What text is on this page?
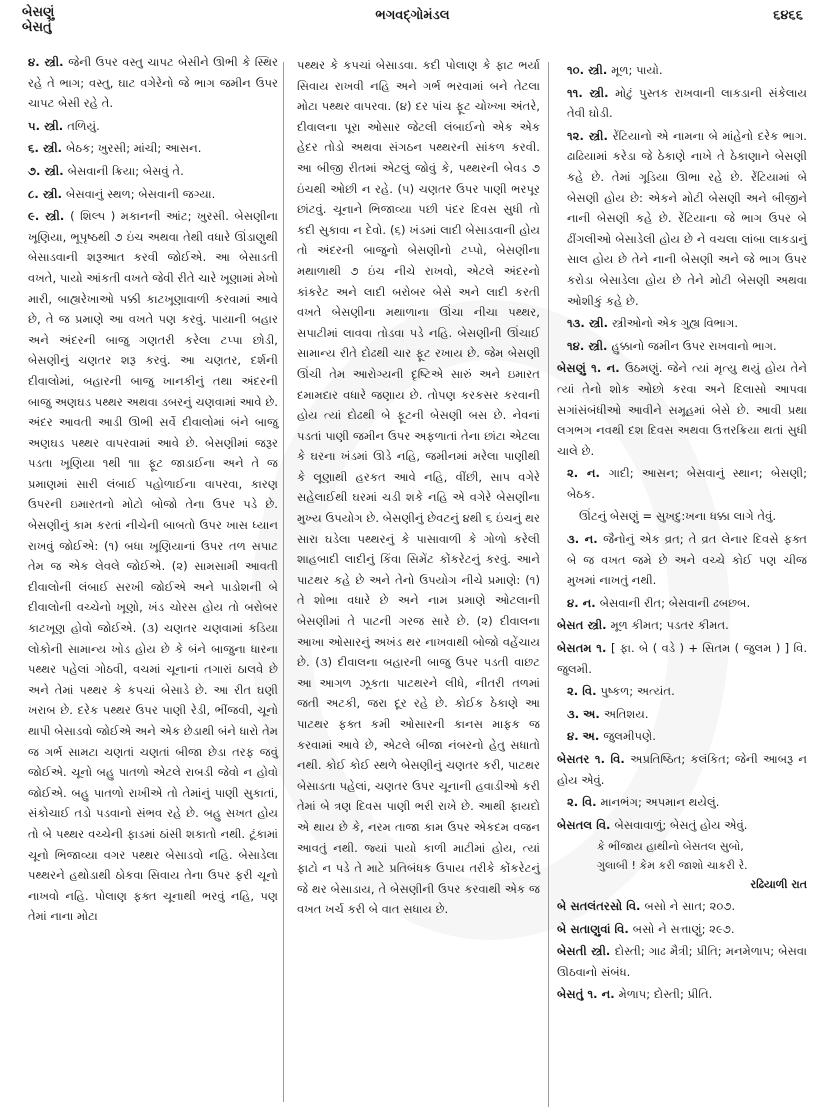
બેસણું
બેસતું
ભગવદ્ગોમંડલ	૬૪૬૬
૪. સ્ત્રી. જેની ઉપર વસ્તુ ચાપટ બેસીને ઊભી કે સ્થિર રહે તે ભાગ; વસ્તુ, ઘાટ વગેરેનો જે ભાગ જમીન ઉપર ચાપટ બેસી રહે તે.
૫. સ્ત્રી. તળિયું.
૬. સ્ત્રી. બેઠક; ખુરસી; માંચી; આસન.
૭. સ્ત્રી. બેસવાની ક્રિયા; બેસવું તે.
૮. સ્ત્રી. બેસવાનું સ્થળ; બેસવાની જગ્યા.
૯. સ્ત્રી. ( શિલ્પ ) મકાનની આંટ; ખુરસી. બેસણીના ખૂણિયા, ભૂપૃષ્ઠથી ૭ ઇંચ અથવા તેથી વધારે ઊંડાણુથી બેસાડવાની શરૂઆત કરવી જોઈએ. આ બેસાડતી વખતે, પાયો આંકતી વખતે જેવી રીતે ચારે ખૂણામાં મેખો મારી, બાહ્યરેખાઓ પક્કી કાટખૂણાવાળી કરવામાં આવે છે, તે જ પ્રમાણે આ વખતે પણ કરવું. પાયાની બહાર અને અંદરની બાજુ ગણતરી કરેલા ટપ્પા છોડી, બેસણીનું ચણતર શરૂ કરવું. આ ચણતર, દર્શની દીવાલોમાં, બહારની બાજુ ખાનકીનું તથા અંદરની બાજુ અણઘડ પથ્થર અથવા ડબરનું ચણવામાં આવે છે. અંદર આવતી આડી ઊભી સર્વે દીવાલોમાં બંને બાજુ અણઘડ પથ્થર વાપરવામાં આવે છે. બેસણીમાં જરૂર પડતા ખૂણિયા ૧થી ૧।। ફૂટ જાડાઈના અને તે જ પ્રમાણમાં સારી લંબાઈ પહોળાઈના વાપરવા, કારણ ઉપરની ઇમારતનો મોટો બોજો તેના ઉપર પડે છે. બેસણીનું કામ કરતાં નીચેની બાબતો ઉપર ખાસ ધ્યાન રાખવું જોઈએ: (૧) બધા ખૂણિયાનાં ઉપર તળ સપાટ તેમ જ એક લેવલે જોઈએ. (૨) સામસામી આવતી દીવાલોની લંબાઈ સરખી જોઈએ અને પાડોશની બે દીવાલોની વચ્ચેનો ખૂણો, ખંડ ચોરસ હોય તો બરોબર કાટખૂણ હોવો જોઈએ. (૩) ચણતર ચણવામાં કડિયા લોકોની સામાન્ય ખોડ હોય છે કે બંને બાજુના ધારના પથ્થર પહેલાં ગોઠવી, વચમાં ચૂનાનાં તગારાં ઠાલવે છે અને તેમાં પથ્થર કે કપચાં બેસાડે છે. આ રીત ઘણી ખરાબ છે. દરેક પથ્થર ઉપર પાણી રેડી, ભીંજવી, ચૂનો થાપી બેસાડવો જોઈએ અને એક છેડાથી બંને ધારો તેમ જ ગર્ભ સામટા ચણતાં ચણતાં બીજા છેડા તરફ જવું જોઈએ. ચૂનો બહુ પાતળો એટલે રાબડી જેવો ન હોવો જોઈએ. બહુ પાતળો રાખીએ તો તેમાંનું પાણી સુકાતાં, સંકોચાઈ તડો પડવાનો સંભવ રહે છે. બહુ સખત હોય તો બે પથ્થર વચ્ચેની ફાડમાં ઠાંસી શકાતો નથી. ટૂંકામાં ચૂનો ભિજાવ્યા વગર પથ્થર બેસાડવો નહિ. બેસાડેલા પથ્થરને હથોડાથી ઠોકવા સિવાય તેના ઉપર ફરી ચૂનો નાખવો નહિ. પોલાણ ફક્ત ચૂનાથી ભરવું નહિ, પણ તેમાં નાના મોટા
પથ્થર કે કપચાં બેસાડવા. કદી પોલાણ કે ફાટ ભર્યા સિવાય રાખવી નહિ અને ગર્ભ ભરવામાં બને તેટલા મોટા પથ્થર વાપરવા. (૪) દર પાંચ ફૂટ ચોખ્ખા અંતરે, દીવાલના પૂરા ઓસાર જેટલી લંબાઈનો એક એક હેદર તોડો અથવા સંગઠન પથ્થરની સાંકળ કરવી. આ બીજી રીતમાં એટલું જોવું કે, પથ્થરની બેવડ ૭ ઇંચથી ઓછી ન રહે. (૫) ચણતર ઉપર પાણી ભરપૂર છાંટવું. ચૂનાને ભિજાવ્યા પછી પંદર દિવસ સુધી તો કદી સુકાવા ન દેવો. (૬) ખંડમાં લાદી બેસાડવાની હોય તો અંદરની બાજુનો બેસણીનો ટપ્પો, બેસણીના મથાળાથી ૭ ઇંચ નીચે રાખવો, એટલે અંદરનો કાંકરેટ અને લાદી બરોબર બેસે અને લાદી કરતી વખતે બેસણીના મથાળાના ઊંચા નીચા પથ્થર, સપાટીમાં લાવવા તોડવા પડે નહિ. બેસણીની ઊંચાઈ સામાન્ય રીતે દોઢથી ચાર ફૂટ રખાય છે. જેમ બેસણી ઊંચી તેમ આરોગ્યની દૃષ્ટિએ સારું અને ઇમારત દમામદાર વધારે જણાય છે. તોપણ કરકસર કરવાની હોય ત્યાં દોઢથી બે ફૂટની બેસણી બસ છે. નેવનાં પડતાં પાણી જમીન ઉપર અફળાતાં તેના છાંટા એટલા કે ઘરના ખંડમાં ઊડે નહિ, જમીનમાં મરેલા પાણીથી કે લૂણાથી હરકત આવે નહિ, વીંછી, સાપ વગેરે સહેલાઈથી ઘરમાં ચડી શકે નહિ એ વગેરે બેસણીના મુખ્ય ઉપયોગ છે. બેસણીનું છેવટનું ૪થી ૬ ઇંચનું થર સારા ઘડેલા પથ્થરનું કે પાસાવાળી કે ગોળો કરેલી શાહબાદી લાદીનું કિંવા સિમેંટ કોંકરેટનું કરવું. આને પાટથર કહે છે અને તેનો ઉપયોગ નીચે પ્રમાણે: (૧) તે શોભા વધારે છે અને નામ પ્રમાણે ઓટલાની બેસણીમાં તે પાટની ગરજ સારે છે. (૨) દીવાલના આખા ઓસારનું અખંડ થર નાખવાથી બોજો વહેંચાય છે. (૩) દીવાલના બહારની બાજુ ઉપર પડતી વાછટ આ આગળ ઝૂકતા પાટથરને લીધે, નીતરી તળમાં જતી અટકી, જરા દૂર રહે છે. કોઈક ઠેકાણે આ પાટથર ફક્ત કમી ઓસારની કાનસ માફક જ કરવામાં આવે છે, એટલે બીજા નંબરનો હેતુ સધાતો નથી. કોઈ કોઈ સ્થળે બેસણીનું ચણતર કરી, પાટથર બેસાડતા પહેલાં, ચણતર ઉપર ચૂનાની હવાડીઓ કરી તેમાં બે ત્રણ દિવસ પાણી ભરી રાખે છે. આથી ફાયદો એ થાય છે કે, નરમ તાજા કામ ઉપર એકદમ વજન આવતું નથી. જ્યાં પાયો કાળી માટીમાં હોય, ત્યાં ફાટો ન પડે તે માટે પ્રતિબંધક ઉપાય તરીકે કોંકરેટનું જે થર બેસાડાય, તે બેસણીની ઉપર કરવાથી એક જ વખત ખર્ચ કરી બે વાત સધાય છે.
૧૦. સ્ત્રી. મૂળ; પાયો.
૧૧. સ્ત્રી. મોટું પુસ્તક રાખવાની લાકડાની સંકેલાય તેવી ઘોડી.
૧૨. સ્ત્રી. રેંટિયાનો એ નામના બે માંહેનો દરેક ભાગ. ઢાઢિયામાં કરેડા જે ઠેકાણે નાખે તે ઠેકાણાને બેસણી કહે છે. તેમાં ગૂડિયા ઊભા રહે છે. રેંટિયામાં બે બેસણી હોય છે: એકને મોટી બેસણી અને બીજીને નાની બેસણી કહે છે. રેંટિયાના જે ભાગ ઉપર બે ઢીંગલીઓ બેસાડેલી હોય છે ને વચલા લાંબા લાકડાનું સાલ હોય છે તેને નાની બેસણી અને જે ભાગ ઉપર કરોડા બેસાડેલા હોય છે તેને મોટી બેસણી અથવા ઓશીકું કહે છે.
૧૩. સ્ત્રી. સ્ત્રીઓનો એક ગુહ્ય વિભાગ.
૧૪. સ્ત્રી. હુક્કાનો જમીન ઉપર રાખવાનો ભાગ.
બેસણું ૧. ન. ઉઠમણું. જેને ત્યાં મૃત્યુ થયું હોય તેને ત્યાં તેનો શોક ઓછો કરવા અને દિલાસો આપવા સગાંસંબંધીઓ આવીને સમૂહમાં બેસે છે. આવી પ્રથા લગભગ નવથી દશ દિવસ અથવા ઉત્તરક્રિયા થતાં સુધી ચાલે છે.
૨. ન. ગાદી; આસન; બેસવાનું સ્થાન; બેસણી; બેઠક.
ઊંટનું બેસણું = સુખદુ:ખના ધક્કા લાગે તેવું.
૩. ન. જૈનોનું એક વ્રત; તે વ્રત લેનાર દિવસે ફક્ત બે જ વખત જમે છે અને વચ્ચે કોઈ પણ ચીજ મુખમાં નાખતું નથી.
૪. ન. બેસવાની રીત; બેસવાની ઢબછબ.
બેસત સ્ત્રી. મૂળ કીમત; પડતર કીમત.
બેસતમ ૧. [ ફા. બે ( વડે ) + સિતમ ( જુલમ ) ] વિ. જુલમી.
૨. વિ. પુષ્કળ; અત્યંત.
૩. અ. અતિશય.
૪. અ. જુલમીપણે.
બેસતર ૧. વિ. અપ્રતિષ્ઠિત; કલંકિત; જેની આબરૂ ન હોય એવું.
૨. વિ. માનભંગ; અપમાન થયેલું.
બેસતલ વિ. બેસવાવાળું; બેસતું હોય એવું.
કે ભીંજાય હાથીનો બેસતલ સુબો,
ગુલાબી ! કેમ કરી જાશો ચાકરી રે.
રઢિયાળી રાત
બે સતલંતરસો વિ. બસો ને સાત; ૨૦૭.
બે સતાણુવાં વિ. બસો ને સત્તાણું; ૨૯૭.
બેસતી સ્ત્રી. દોસ્તી; ગાઢ મૈત્રી; પ્રીતિ; મનમેળાપ; બેસવા ઊઠવાનો સંબંધ.
બેસતું ૧. ન. મેળાપ; દોસ્તી; પ્રીતિ.
